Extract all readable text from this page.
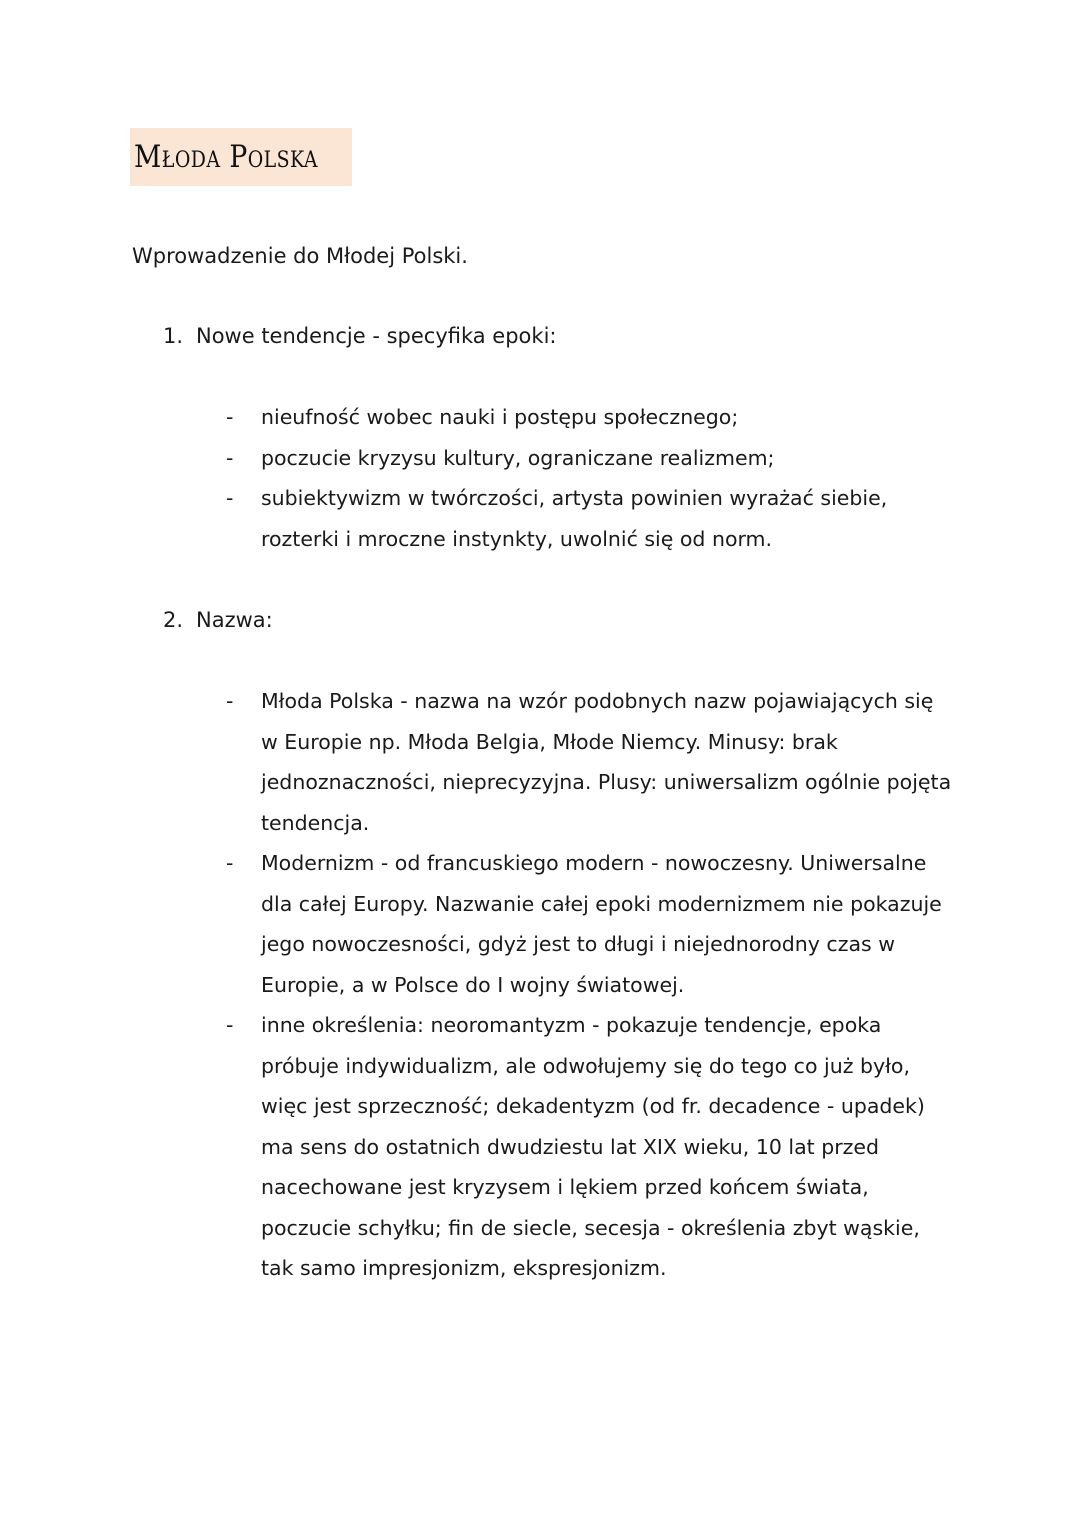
Młoda Polska
Wprowadzenie do Młodej Polski.
1. Nowe tendencje - specyfika epoki:
- nieufność wobec nauki i postępu społecznego;
- poczucie kryzysu kultury, ograniczane realizmem;
- subiektywizm w twórczości, artysta powinien wyrażać siebie, rozterki i mroczne instynkty, uwolnić się od norm.
2. Nazwa:
- Młoda Polska - nazwa na wzór podobnych nazw pojawiających się w Europie np. Młoda Belgia, Młode Niemcy. Minusy: brak jednoznaczności, nieprecyzyjna. Plusy: uniwersalizm ogólnie pojęta tendencja.
- Modernizm - od francuskiego modern - nowoczesny. Uniwersalne dla całej Europy. Nazwanie całej epoki modernizmem nie pokazuje jego nowoczesności, gdyż jest to długi i niejednorodny czas w Europie, a w Polsce do I wojny światowej.
- inne określenia: neoromantyzm - pokazuje tendencje, epoka próbuje indywidualizm, ale odwołujemy się do tego co już było, więc jest sprzeczność; dekadentyzm (od fr. decadence - upadek) ma sens do ostatnich dwudziestu lat XIX wieku, 10 lat przed nacechowane jest kryzysem i lękiem przed końcem świata, poczucie schyłku; fin de siecle, secesja - określenia zbyt wąskie, tak samo impresjonizm, ekspresjonizm.
